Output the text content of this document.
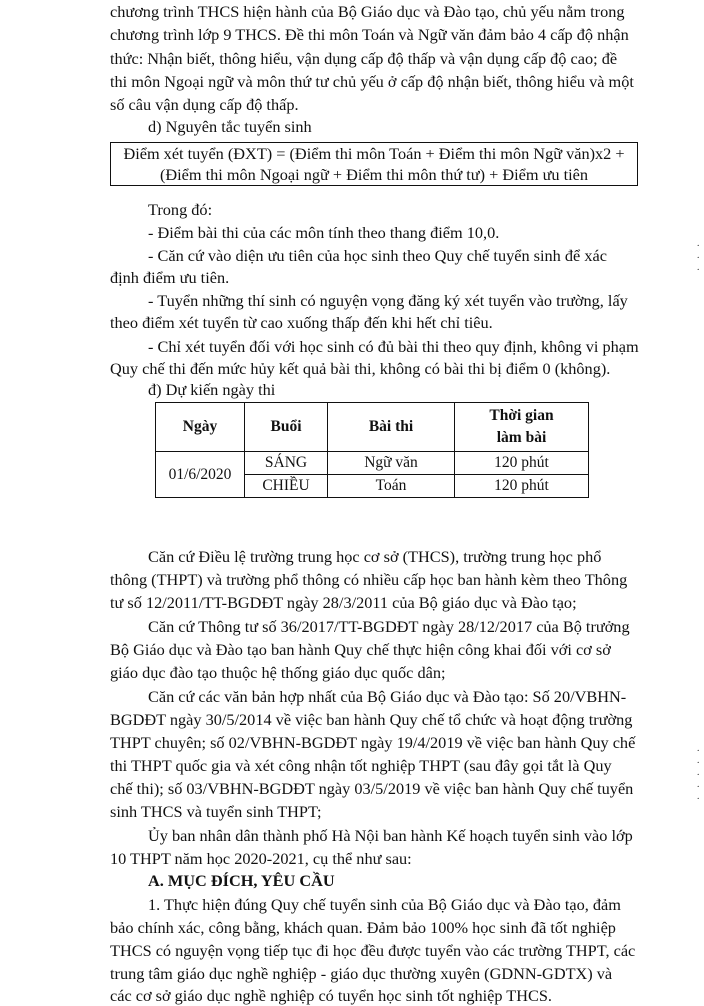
chương trình THCS hiện hành của Bộ Giáo dục và Đào tạo, chủ yếu nằm trong
chương trình lớp 9 THCS. Đề thi môn Toán và Ngữ văn đảm bảo 4 cấp độ nhận
thức: Nhận biết, thông hiểu, vận dụng cấp độ thấp và vận dụng cấp độ cao; đề
thi môn Ngoại ngữ và môn thứ tư chủ yếu ở cấp độ nhận biết, thông hiểu và một
số câu vận dụng cấp độ thấp.
d) Nguyên tắc tuyển sinh
Điểm xét tuyển (ĐXT) = (Điểm thi môn Toán + Điểm thi môn Ngữ văn)x2 +
(Điểm thi môn Ngoại ngữ + Điểm thi môn thứ tư) + Điểm ưu tiên
Trong đó:
- Điểm bài thi của các môn tính theo thang điểm 10,0.
- Căn cứ vào diện ưu tiên của học sinh theo Quy chế tuyển sinh để xác
định điểm ưu tiên.
- Tuyển những thí sinh có nguyện vọng đăng ký xét tuyển vào trường, lấy
theo điểm xét tuyển từ cao xuống thấp đến khi hết chỉ tiêu.
- Chỉ xét tuyển đối với học sinh có đủ bài thi theo quy định, không vi phạm
Quy chế thi đến mức hủy kết quả bài thi, không có bài thi bị điểm 0 (không).
đ) Dự kiến ngày thi
Ngày	Buổi	Bài thi	Thời gian
làm bài

01/6/2020	SÁNG	Ngữ văn	120 phút
	CHIỀU	Toán	120 phút
Căn cứ Điều lệ trường trung học cơ sở (THCS), trường trung học phổ
thông (THPT) và trường phổ thông có nhiều cấp học ban hành kèm theo Thông
tư số 12/2011/TT-BGDĐT ngày 28/3/2011 của Bộ giáo dục và Đào tạo;
Căn cứ Thông tư số 36/2017/TT-BGDĐT ngày 28/12/2017 của Bộ trưởng
Bộ Giáo dục và Đào tạo ban hành Quy chế thực hiện công khai đối với cơ sở
giáo dục đào tạo thuộc hệ thống giáo dục quốc dân;
Căn cứ các văn bản hợp nhất của Bộ Giáo dục và Đào tạo: Số 20/VBHN-
BGDĐT ngày 30/5/2014 về việc ban hành Quy chế tổ chức và hoạt động trường
THPT chuyên; số 02/VBHN-BGDĐT ngày 19/4/2019 về việc ban hành Quy chế
thi THPT quốc gia và xét công nhận tốt nghiệp THPT (sau đây gọi tắt là Quy
chế thi); số 03/VBHN-BGDĐT ngày 03/5/2019 về việc ban hành Quy chế tuyển
sinh THCS và tuyển sinh THPT;
Ủy ban nhân dân thành phố Hà Nội ban hành Kế hoạch tuyển sinh vào lớp
10 THPT năm học 2020-2021, cụ thể như sau:
A. MỤC ĐÍCH, YÊU CẦU
1. Thực hiện đúng Quy chế tuyển sinh của Bộ Giáo dục và Đào tạo, đảm
bảo chính xác, công bằng, khách quan. Đảm bảo 100% học sinh đã tốt nghiệp
THCS có nguyện vọng tiếp tục đi học đều được tuyển vào các trường THPT, các
trung tâm giáo dục nghề nghiệp - giáo dục thường xuyên (GDNN-GDTX) và
các cơ sở giáo dục nghề nghiệp có tuyển học sinh tốt nghiệp THCS.
·
·
·
·
·
·
·
·
